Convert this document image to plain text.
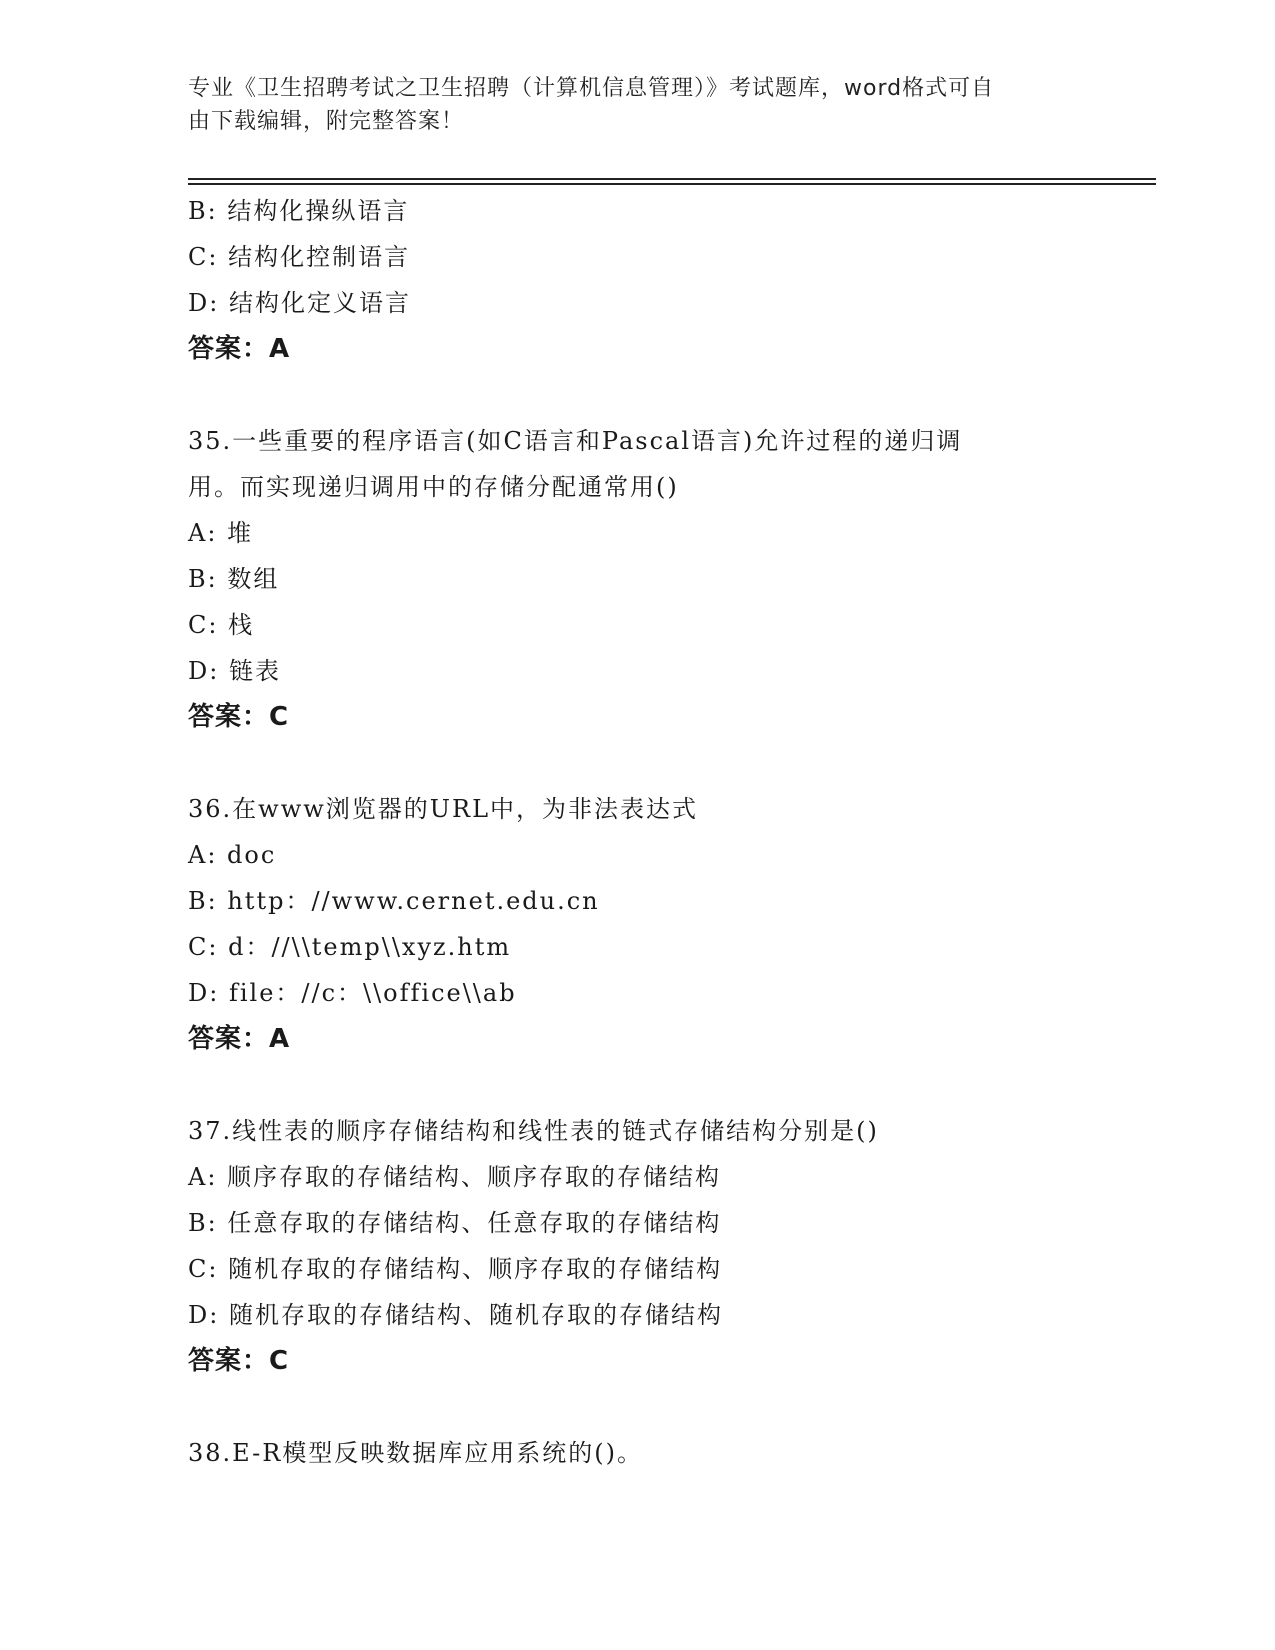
专业《卫生招聘考试之卫生招聘（计算机信息管理）》考试题库，word格式可自
由下载编辑，附完整答案！
B: 结构化操纵语言
C: 结构化控制语言
D: 结构化定义语言
答案：A
35.一些重要的程序语言(如C语言和Pascal语言)允许过程的递归调
用。而实现递归调用中的存储分配通常用()
A: 堆
B: 数组
C: 栈
D: 链表
答案：C
36.在www浏览器的URL中，为非法表达式
A: doc
B: http：//www.cernet.edu.cn
C: d：//\\temp\\xyz.htm
D: file：//c：\\office\\ab
答案：A
37.线性表的顺序存储结构和线性表的链式存储结构分别是()
A: 顺序存取的存储结构、顺序存取的存储结构
B: 任意存取的存储结构、任意存取的存储结构
C: 随机存取的存储结构、顺序存取的存储结构
D: 随机存取的存储结构、随机存取的存储结构
答案：C
38.E-R模型反映数据库应用系统的()。
